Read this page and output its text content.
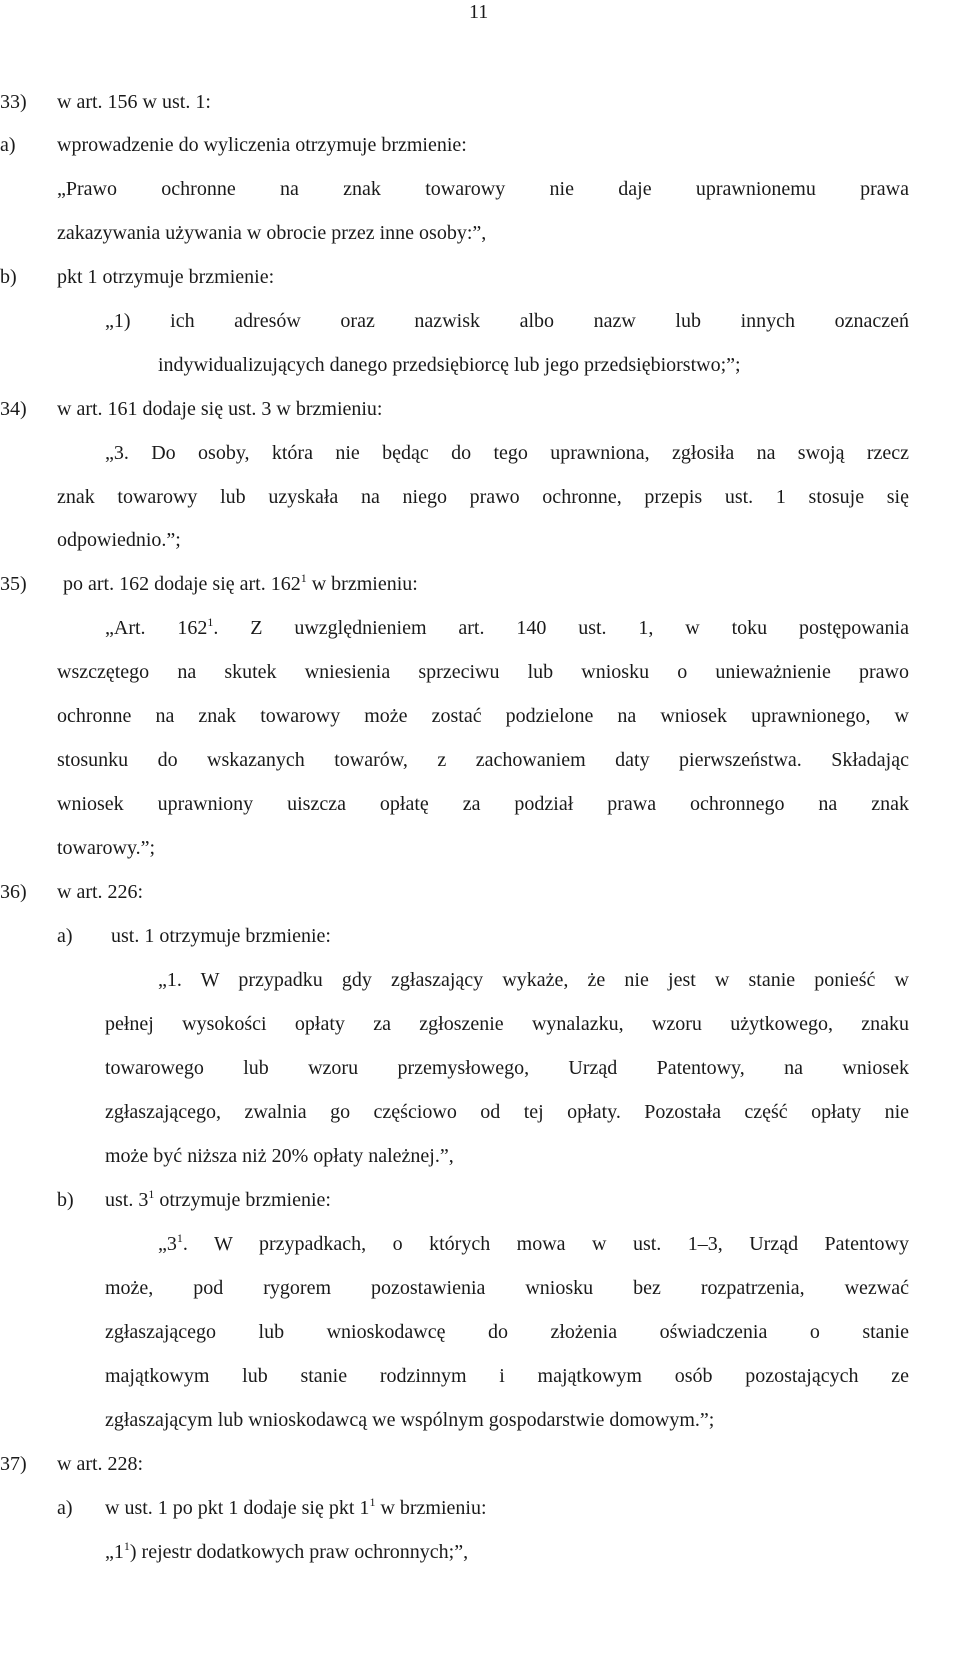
11
33) w art. 156 w ust. 1:
a) wprowadzenie do wyliczenia otrzymuje brzmienie:
„Prawo ochronne na znak towarowy nie daje uprawnionemu prawa
zakazywania używania w obrocie przez inne osoby:”,
b) pkt 1 otrzymuje brzmienie:
„1) ich adresów oraz nazwisk albo nazw lub innych oznaczeń
indywidualizujących danego przedsiębiorcę lub jego przedsiębiorstwo;”;
34) w art. 161 dodaje się ust. 3 w brzmieniu:
„3. Do osoby, która nie będąc do tego uprawniona, zgłosiła na swoją rzecz
znak towarowy lub uzyskała na niego prawo ochronne, przepis ust. 1 stosuje się
odpowiednio.”;
35) po art. 162 dodaje się art. $162^1$ w brzmieniu:
„Art. $162^1$. Z uwzględnieniem art. 140 ust. 1, w toku postępowania
wszczętego na skutek wniesienia sprzeciwu lub wniosku o unieważnienie prawo
ochronne na znak towarowy może zostać podzielone na wniosek uprawnionego, w
stosunku do wskazanych towarów, z zachowaniem daty pierwszeństwa. Składając
wniosek uprawniony uiszcza opłatę za podział prawa ochronnego na znak
towarowy.”;
36) w art. 226:
a) ust. 1 otrzymuje brzmienie:
„1. W przypadku gdy zgłaszający wykaże, że nie jest w stanie ponieść w
pełnej wysokości opłaty za zgłoszenie wynalazku, wzoru użytkowego, znaku
towarowego lub wzoru przemysłowego, Urząd Patentowy, na wniosek
zgłaszającego, zwalnia go częściowo od tej opłaty. Pozostała część opłaty nie
może być niższa niż 20% opłaty należnej.”,
b) ust. $3^1$ otrzymuje brzmienie:
$„3^1$. W przypadkach, o których mowa w ust. 1–3, Urząd Patentowy
może, pod rygorem pozostawienia wniosku bez rozpatrzenia, wezwać
zgłaszającego lub wnioskodawcę do złożenia oświadczenia o stanie
majątkowym lub stanie rodzinnym i majątkowym osób pozostających ze
zgłaszającym lub wnioskodawcą we wspólnym gospodarstwie domowym.”;
37) w art. 228:
a) w ust. 1 po pkt 1 dodaje się pkt $1^1$ w brzmieniu:
$„1^1$) rejestr dodatkowych praw ochronnych;”,
